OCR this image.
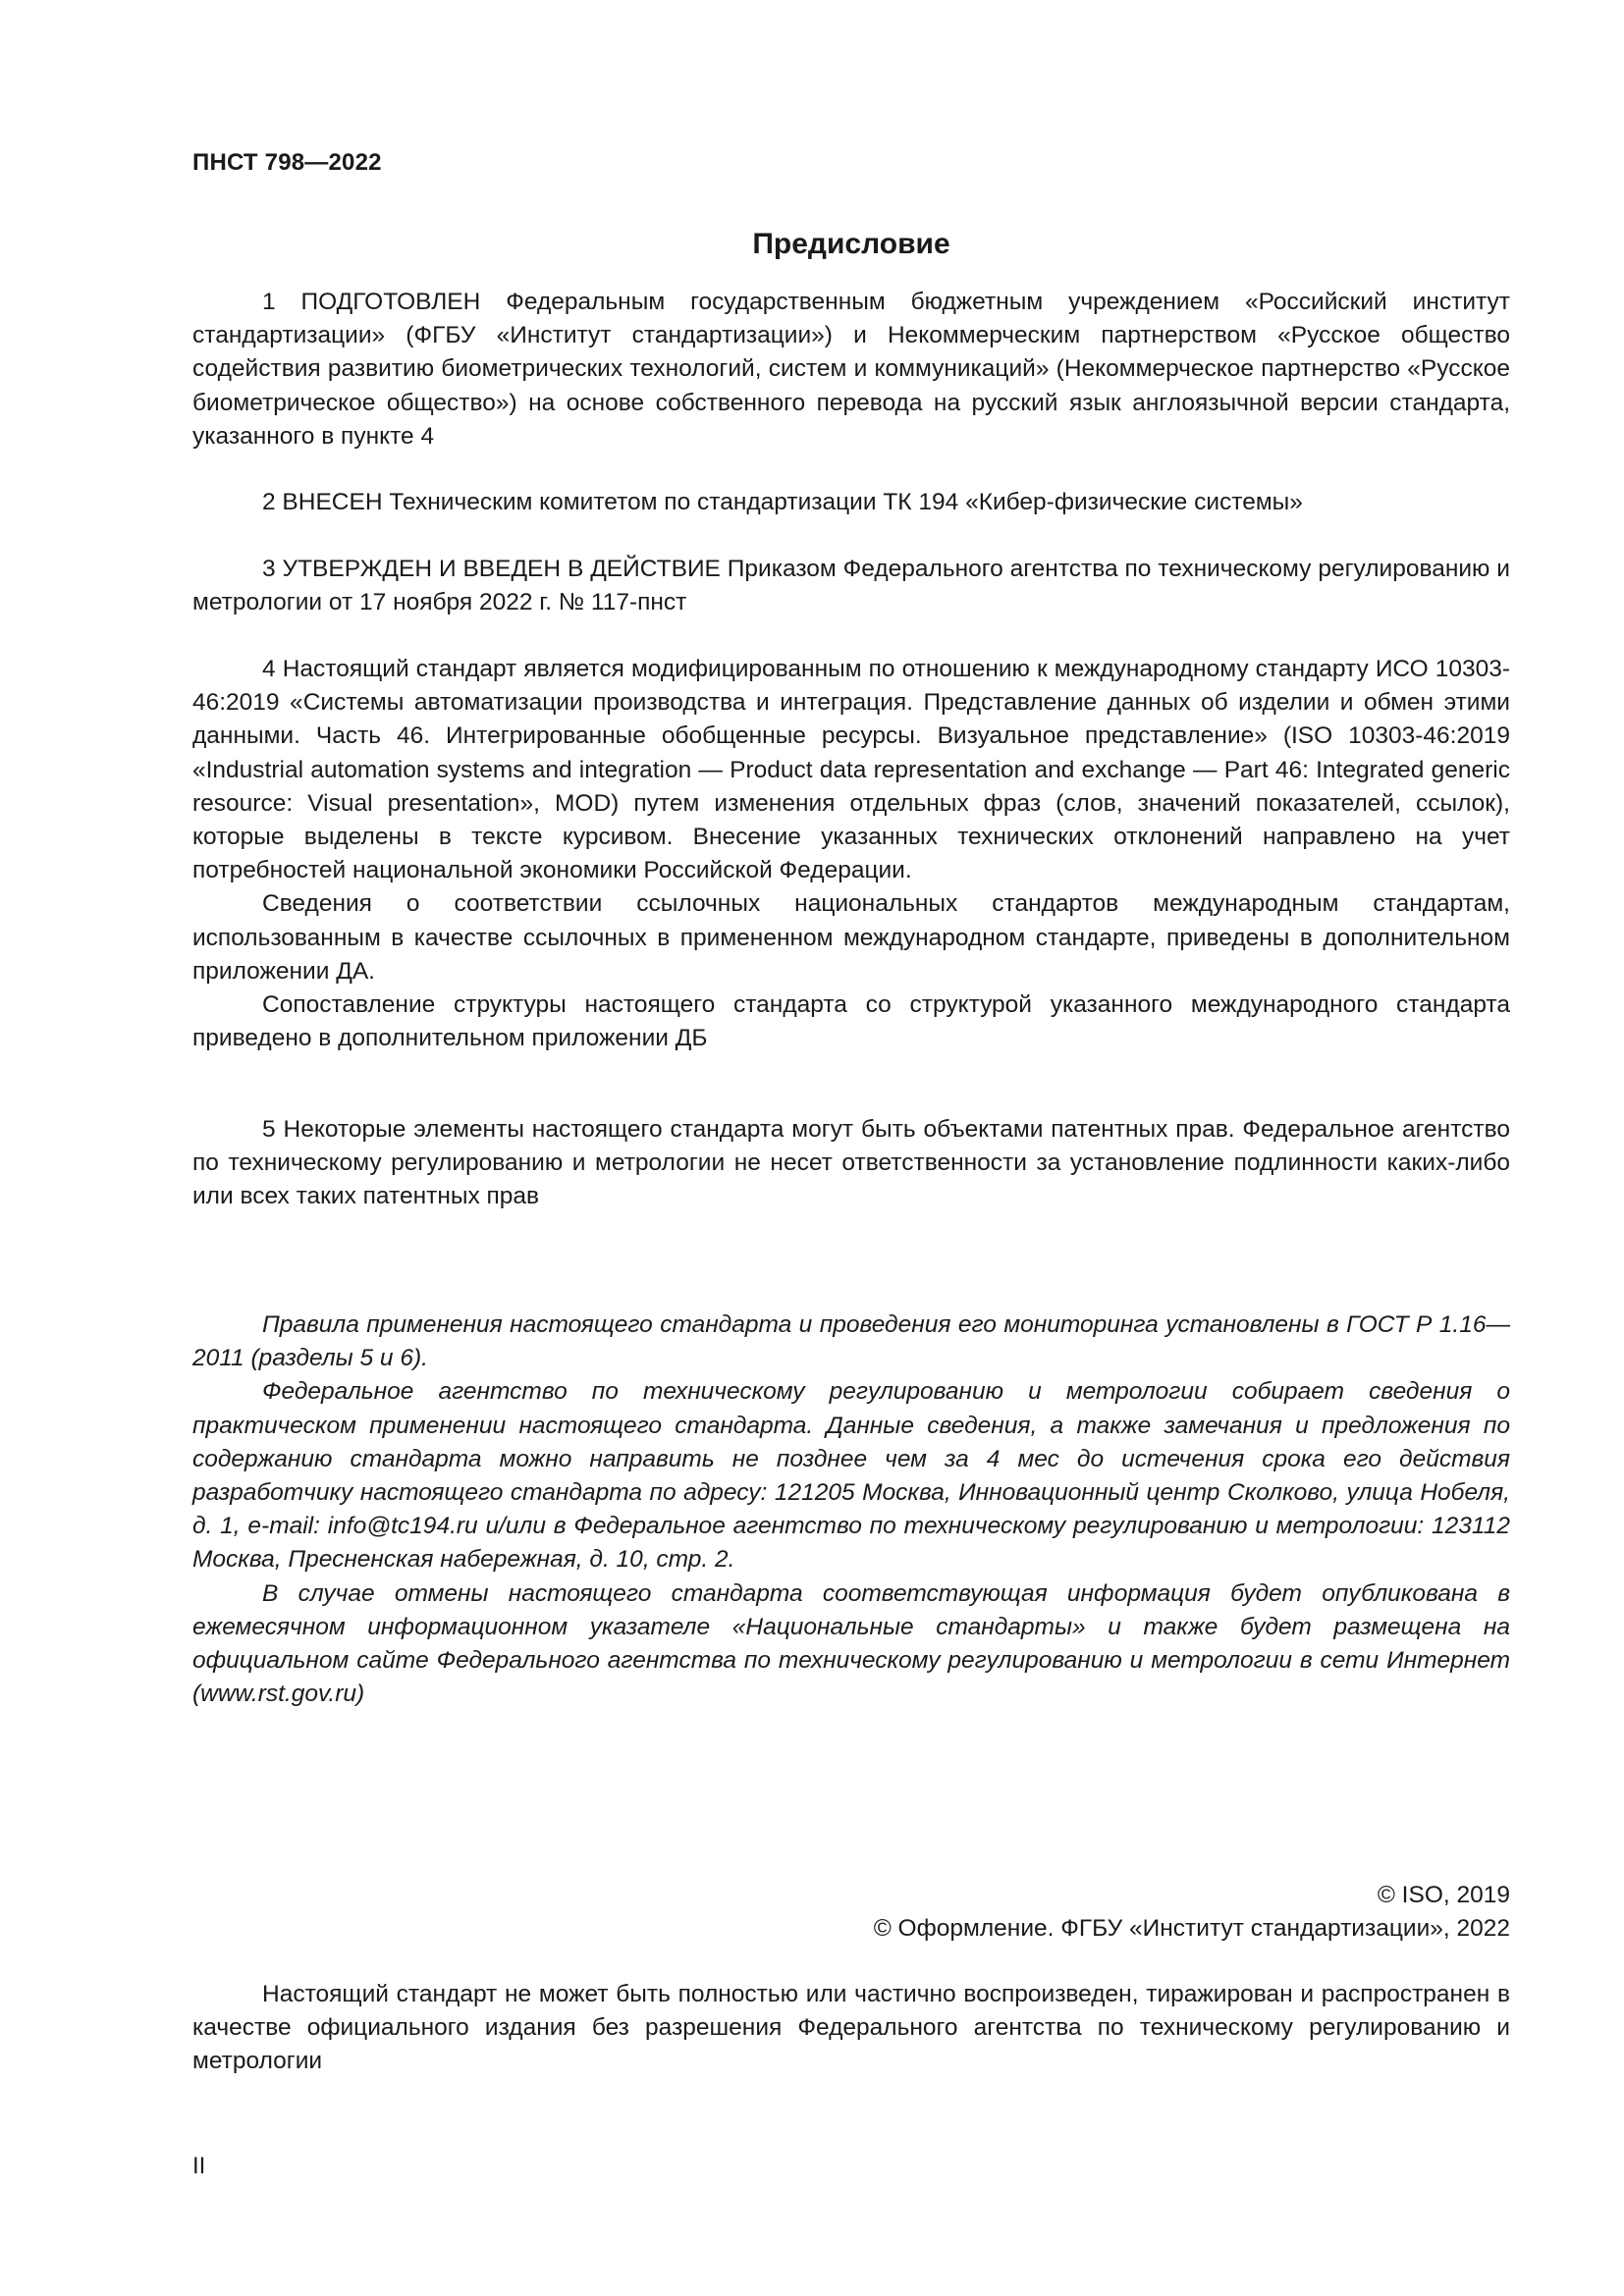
ПНСТ 798—2022
Предисловие

1 ПОДГОТОВЛЕН Федеральным государственным бюджетным учреждением «Российский институт стандартизации» (ФГБУ «Институт стандартизации») и Некоммерческим партнерством «Русское общество содействия развитию биометрических технологий, систем и коммуникаций» (Некоммерческое партнерство «Русское биометрическое общество») на основе собственного перевода на русский язык англоязычной версии стандарта, указанного в пункте 4

2 ВНЕСЕН Техническим комитетом по стандартизации ТК 194 «Кибер-физические системы»

3 УТВЕРЖДЕН И ВВЕДЕН В ДЕЙСТВИЕ Приказом Федерального агентства по техническому регулированию и метрологии от 17 ноября 2022 г. № 117-пнст

4 Настоящий стандарт является модифицированным по отношению к международному стандарту ИСО 10303-46:2019 «Системы автоматизации производства и интеграция. Представление данных об изделии и обмен этими данными. Часть 46. Интегрированные обобщенные ресурсы. Визуальное представление» (ISO 10303-46:2019 «Industrial automation systems and integration — Product data representation and exchange — Part 46: Integrated generic resource: Visual presentation», MOD) путем изменения отдельных фраз (слов, значений показателей, ссылок), которые выделены в тексте курсивом. Внесение указанных технических отклонений направлено на учет потребностей национальной экономики Российской Федерации.

Сведения о соответствии ссылочных национальных стандартов международным стандартам, использованным в качестве ссылочных в примененном международном стандарте, приведены в дополнительном приложении ДА.

Сопоставление структуры настоящего стандарта со структурой указанного международного стандарта приведено в дополнительном приложении ДБ

5 Некоторые элементы настоящего стандарта могут быть объектами патентных прав. Федеральное агентство по техническому регулированию и метрологии не несет ответственности за установление подлинности каких-либо или всех таких патентных прав

Правила применения настоящего стандарта и проведения его мониторинга установлены в ГОСТ Р 1.16—2011 (разделы 5 и 6).

Федеральное агентство по техническому регулированию и метрологии собирает сведения о практическом применении настоящего стандарта. Данные сведения, а также замечания и предложения по содержанию стандарта можно направить не позднее чем за 4 мес до истечения срока его действия разработчику настоящего стандарта по адресу: 121205 Москва, Инновационный центр Сколково, улица Нобеля, д. 1, e-mail: info@tc194.ru и/или в Федеральное агентство по техническому регулированию и метрологии: 123112 Москва, Пресненская набережная, д. 10, стр. 2.

В случае отмены настоящего стандарта соответствующая информация будет опубликована в ежемесячном информационном указателе «Национальные стандарты» и также будет размещена на официальном сайте Федерального агентства по техническому регулированию и метрологии в сети Интернет (www.rst.gov.ru)

© ISO, 2019
© Оформление. ФГБУ «Институт стандартизации», 2022

Настоящий стандарт не может быть полностью или частично воспроизведен, тиражирован и распространен в качестве официального издания без разрешения Федерального агентства по техническому регулированию и метрологии

II
